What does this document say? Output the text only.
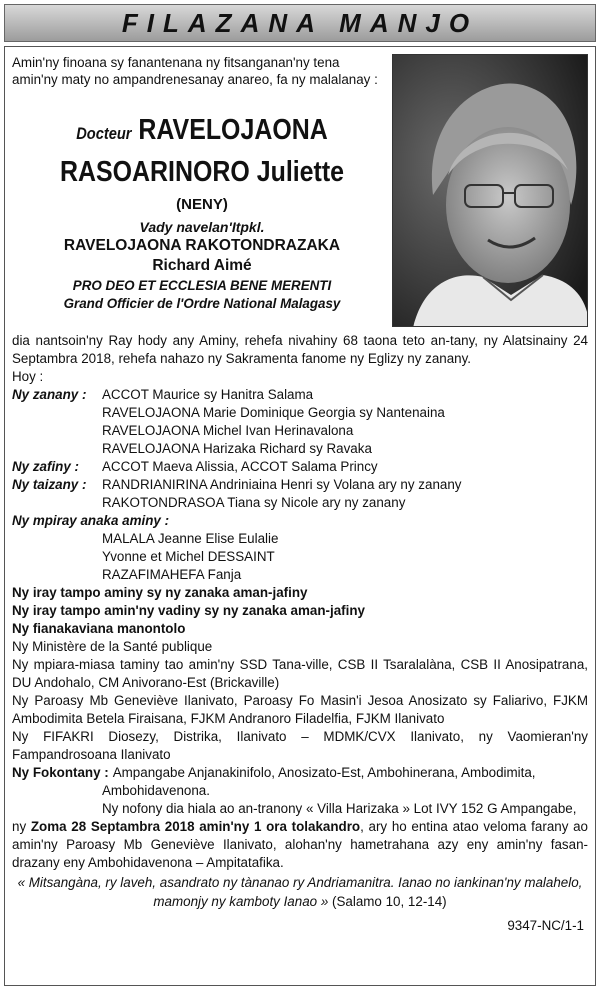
FILAZANA MANJO
Amin'ny finoana sy fanantenana ny fitsanganan'ny tena amin'ny maty no ampandrenesanay anareo, fa ny malalanay :
Docteur RAVELOJAONA
RASOARINORO Juliette
(NENY)
Vady navelan'Itpkl.
RAVELOJAONA RAKOTONDRAZAKA
Richard Aimé
PRO DEO ET ECCLESIA BENE MERENTI
Grand Officier de l'Ordre National Malagasy
dia nantsoin'ny Ray hody any Aminy, rehefa nivahiny 68 taona teto an-tany, ny Alatsinainy 24 Septambra 2018, rehefa nahazo ny Sakramenta fanome ny Eglizy ny zanany.
Hoy :
Ny zanany :	ACCOT Maurice sy Hanitra Salama
RAVELOJAONA Marie Dominique Georgia sy Nantenaina
RAVELOJAONA Michel Ivan Herinavalona
RAVELOJAONA Harizaka Richard sy Ravaka
Ny zafiny :	ACCOT Maeva Alissia, ACCOT Salama Princy
Ny taizany :	RANDRIANIRINA Andriniaina Henri sy Volana ary ny zanany
RAKOTONDRASOA Tiana sy Nicole ary ny zanany
Ny mpiray anaka aminy :
MALALA Jeanne Elise Eulalie
Yvonne et Michel DESSAINT
RAZAFIMAHEFA Fanja
Ny iray tampo aminy sy ny zanaka aman-jafiny
Ny iray tampo amin'ny vadiny sy ny zanaka aman-jafiny
Ny fianakaviana manontolo
Ny Ministère de la Santé publique
Ny mpiara-miasa taminy tao amin'ny SSD Tana-ville, CSB II Tsaralalàna, CSB II Anosipatrana, DU Andohalo, CM Anivorano-Est (Brickaville)
Ny Paroasy Mb Geneviève Ilanivato, Paroasy Fo Masin'i Jesoa Anosizato sy Faliarivo, FJKM Ambodimita Betela Firaisana, FJKM Andranoro Filadelfia, FJKM Ilanivato
Ny FIFAKRI Diosezy, Distrika, Ilanivato – MDMK/CVX Ilanivato, ny Vaomieran'ny Fampandrosoana Ilanivato
Ny Fokontany : Ampangabe Anjanakinifolo, Anosizato-Est, Ambohinerana, Ambodimita,
Ambohidavenona.
Ny nofony dia hiala ao an-tranony « Villa Harizaka » Lot IVY 152 G Ampangabe,
ny Zoma 28 Septambra 2018 amin'ny 1 ora tolakandro, ary ho entina atao veloma farany ao amin'ny Paroasy Mb Geneviève Ilanivato, alohan'ny hametrahana azy eny amin'ny fasan-drazany eny Ambohidavenona – Ampitatafika.
« Mitsangàna, ry laveh, asandrato ny tànanao ry Andriamanitra. Ianao no iankinan'ny malahelo,
mamonjy ny kamboty Ianao » (Salamo 10, 12-14)
9347-NC/1-1
